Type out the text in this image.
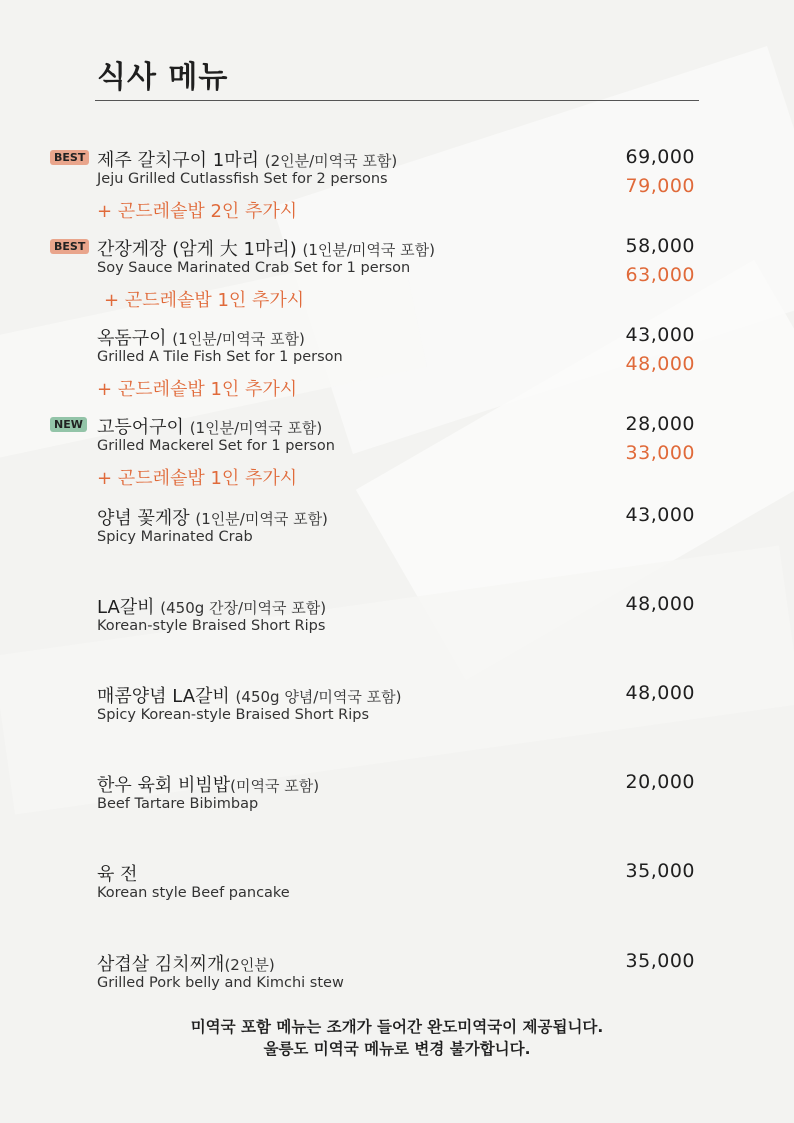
식사 메뉴
BEST 제주 갈치구이 1마리 (2인분/미역국 포함)
Jeju Grilled Cutlassfish Set for 2 persons
+ 곤드레솥밥 2인 추가시
69,000
79,000
BEST 간장게장 (암게 大 1마리) (1인분/미역국 포함)
Soy Sauce Marinated Crab Set for 1 person
+ 곤드레솥밥 1인 추가시
58,000
63,000
옥돔구이 (1인분/미역국 포함)
Grilled A Tile Fish Set for 1 person
+ 곤드레솥밥 1인 추가시
43,000
48,000
NEW 고등어구이 (1인분/미역국 포함)
Grilled Mackerel Set for 1 person
+ 곤드레솥밥 1인 추가시
28,000
33,000
양념 꽃게장 (1인분/미역국 포함)
Spicy Marinated Crab
43,000
LA갈비 (450g 간장/미역국 포함)
Korean-style Braised Short Rips
48,000
매콤양념 LA갈비 (450g 양념/미역국 포함)
Spicy Korean-style Braised Short Rips
48,000
한우 육회 비빔밥(미역국 포함)
Beef Tartare Bibimbap
20,000
육 전
Korean style Beef pancake
35,000
삼겹살 김치찌개(2인분)
Grilled Pork belly and Kimchi stew
35,000
미역국 포함 메뉴는 조개가 들어간 완도미역국이 제공됩니다.
울릉도 미역국 메뉴로 변경 불가합니다.
